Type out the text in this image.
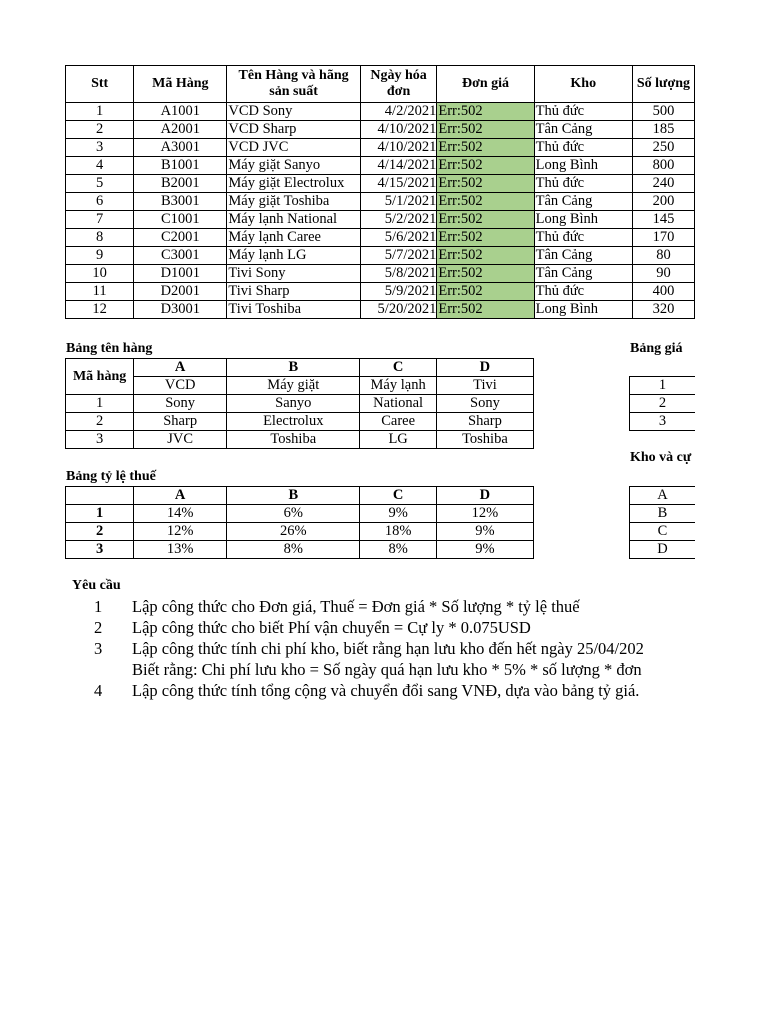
Stt	Mã Hàng	Tên Hàng và hãng sản suất	Ngày hóa đơn	Đơn giá	Kho	Số lượng
1	A1001	VCD Sony	4/2/2021	Err:502	Thủ đức	500
2	A2001	VCD Sharp	4/10/2021	Err:502	Tân Cảng	185
3	A3001	VCD JVC	4/10/2021	Err:502	Thủ đức	250
4	B1001	Máy giặt Sanyo	4/14/2021	Err:502	Long Bình	800
5	B2001	Máy giặt Electrolux	4/15/2021	Err:502	Thủ đức	240
6	B3001	Máy giặt Toshiba	5/1/2021	Err:502	Tân Cảng	200
7	C1001	Máy lạnh National	5/2/2021	Err:502	Long Bình	145
8	C2001	Máy lạnh Caree	5/6/2021	Err:502	Thủ đức	170
9	C3001	Máy lạnh LG	5/7/2021	Err:502	Tân Cảng	80
10	D1001	Tivi Sony	5/8/2021	Err:502	Tân Cảng	90
11	D2001	Tivi Sharp	5/9/2021	Err:502	Thủ đức	400
12	D3001	Tivi Toshiba	5/20/2021	Err:502	Long Bình	320
Bảng tên hàng
Mã hàng	A	B	C	D
	VCD	Máy giặt	Máy lạnh	Tivi
1	Sony	Sanyo	National	Sony
2	Sharp	Electrolux	Caree	Sharp
3	JVC	Toshiba	LG	Toshiba
Bảng giá
1
2
3
Kho và cự
A
B
C
D
Bảng tỷ lệ thuế
	A	B	C	D
1	14%	6%	9%	12%
2	12%	26%	18%	9%
3	13%	8%	8%	9%
Yêu cầu
1 Lập công thức cho Đơn giá, Thuế = Đơn giá * Số lượng * tỷ lệ thuế
2 Lập công thức cho biết Phí vận chuyển = Cự ly * 0.075USD
3 Lập công thức tính chi phí kho, biết rằng hạn lưu kho đến hết ngày 25/04/202
Biết rằng: Chi phí lưu kho = Số ngày quá hạn lưu kho * 5% * số lượng * đơn
4 Lập công thức tính tổng cộng và chuyển đổi sang VNĐ, dựa vào bảng tỷ giá.
